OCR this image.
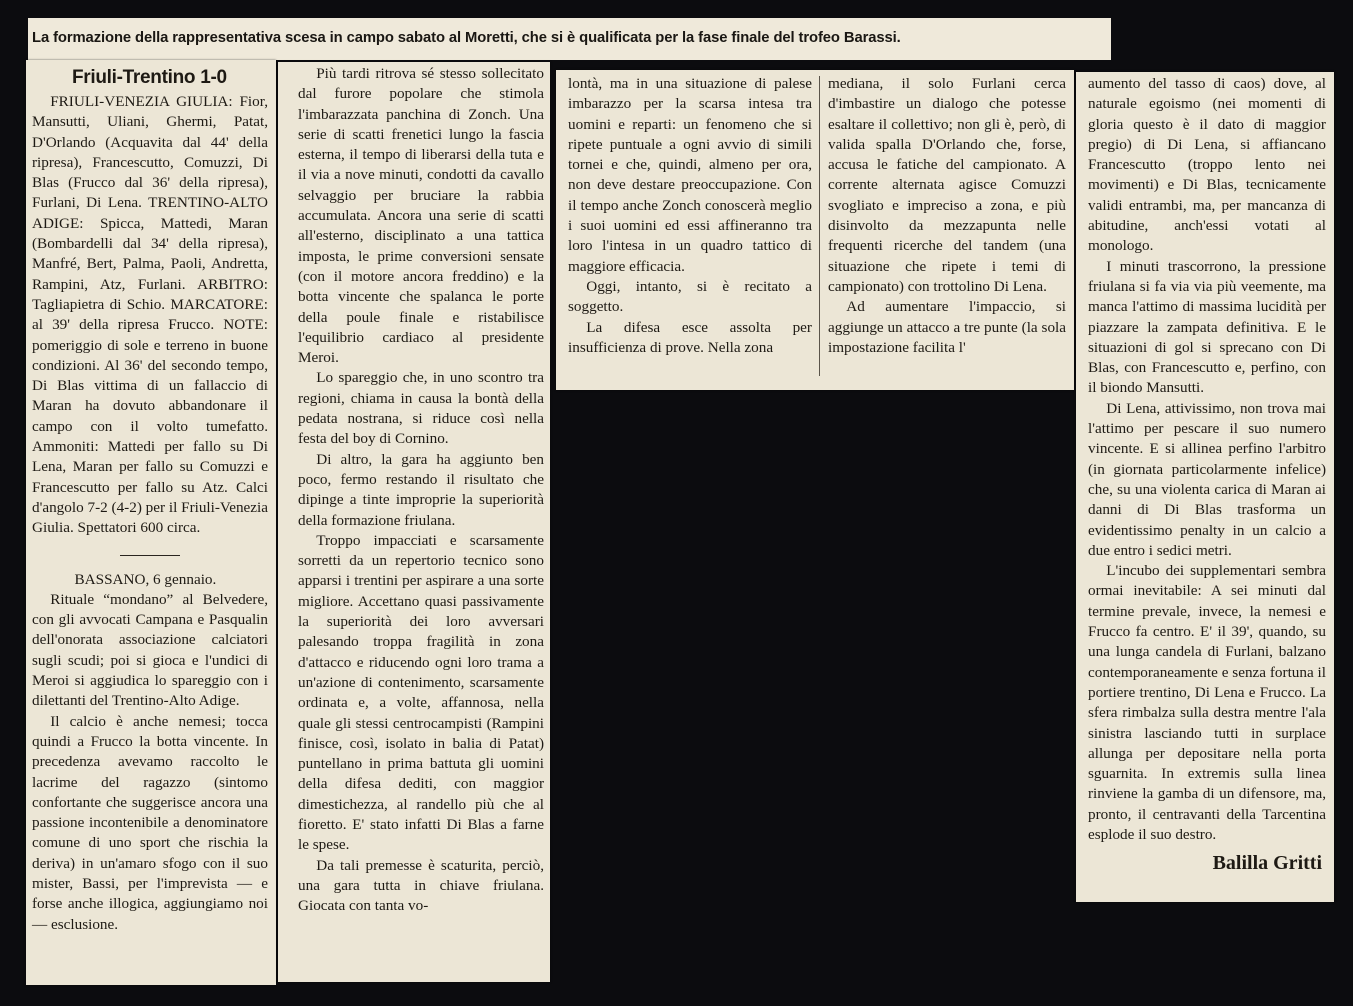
La formazione della rappresentativa scesa in campo sabato al Moretti, che si è qualificata per la fase finale del trofeo Barassi.
Friuli-Trentino 1-0

FRIULI-VENEZIA GIULIA: Fior, Mansutti, Uliani, Ghermi, Patat, D'Orlando (Acquavita dal 44' della ripresa), Francescutto, Comuzzi, Di Blas (Frucco dal 36' della ripresa), Furlani, Di Lena. TRENTINO-ALTO ADIGE: Spicca, Mattedi, Maran (Bombardelli dal 34' della ripresa), Manfré, Bert, Palma, Paoli, Andretta, Rampini, Atz, Furlani. ARBITRO: Tagliapietra di Schio. MARCATORE: al 39' della ripresa Frucco. NOTE: pomeriggio di sole e terreno in buone condizioni. Al 36' del secondo tempo, Di Blas vittima di un fallaccio di Maran ha dovuto abbandonare il campo con il volto tumefatto. Ammoniti: Mattedi per fallo su Di Lena, Maran per fallo su Comuzzi e Francescutto per fallo su Atz. Calci d'angolo 7-2 (4-2) per il Friuli-Venezia Giulia. Spettatori 600 circa.

BASSANO, 6 gennaio.

Rituale “mondano” al Belvedere, con gli avvocati Campana e Pasqualin dell'onorata associazione calciatori sugli scudi; poi si gioca e l'undici di Meroi si aggiudica lo spareggio con i dilettanti del Trentino-Alto Adige.

Il calcio è anche nemesi; tocca quindi a Frucco la botta vincente. In precedenza avevamo raccolto le lacrime del ragazzo (sintomo confortante che suggerisce ancora una passione incontenibile a denominatore comune di uno sport che rischia la deriva) in un'amaro sfogo con il suo mister, Bassi, per l'imprevista — e forse anche illogica, aggiungiamo noi — esclusione.

Più tardi ritrova sé stesso sollecitato dal furore popolare che stimola l'imbarazzata panchina di Zonch. Una serie di scatti frenetici lungo la fascia esterna, il tempo di liberarsi della tuta e il via a nove minuti, condotti da cavallo selvaggio per bruciare la rabbia accumulata. Ancora una serie di scatti all'esterno, disciplinato a una tattica imposta, le prime conversioni sensate (con il motore ancora freddino) e la botta vincente che spalanca le porte della poule finale e ristabilisce l'equilibrio cardiaco al presidente Meroi.

Lo spareggio che, in uno scontro tra regioni, chiama in causa la bontà della pedata nostrana, si riduce così nella festa del boy di Cornino.

Di altro, la gara ha aggiunto ben poco, fermo restando il risultato che dipinge a tinte improprie la superiorità della formazione friulana.

Troppo impacciati e scarsamente sorretti da un repertorio tecnico sono apparsi i trentini per aspirare a una sorte migliore. Accettano quasi passivamente la superiorità dei loro avversari palesando troppa fragilità in zona d'attacco e riducendo ogni loro trama a un'azione di contenimento, scarsamente ordinata e, a volte, affannosa, nella quale gli stessi centrocampisti (Rampini finisce, così, isolato in balia di Patat) puntellano in prima battuta gli uomini della difesa dediti, con maggior dimestichezza, al randello più che al fioretto. E' stato infatti Di Blas a farne le spese.

Da tali premesse è scaturita, perciò, una gara tutta in chiave friulana. Giocata con tanta vo-

lontà, ma in una situazione di palese imbarazzo per la scarsa intesa tra uomini e reparti: un fenomeno che si ripete puntuale a ogni avvio di simili tornei e che, quindi, almeno per ora, non deve destare preoccupazione. Con il tempo anche Zonch conoscerà meglio i suoi uomini ed essi affineranno tra loro l'intesa in un quadro tattico di maggiore efficacia.

Oggi, intanto, si è recitato a soggetto.

La difesa esce assolta per insufficienza di prove. Nella zona

mediana, il solo Furlani cerca d'imbastire un dialogo che potesse esaltare il collettivo; non gli è, però, di valida spalla D'Orlando che, forse, accusa le fatiche del campionato. A corrente alternata agisce Comuzzi svogliato e impreciso a zona, e più disinvolto da mezzapunta nelle frequenti ricerche del tandem (una situazione che ripete i temi di campionato) con trottolino Di Lena.

Ad aumentare l'impaccio, si aggiunge un attacco a tre punte (la sola impostazione facilita l'

aumento del tasso di caos) dove, al naturale egoismo (nei momenti di gloria questo è il dato di maggior pregio) di Di Lena, si affiancano Francescutto (troppo lento nei movimenti) e Di Blas, tecnicamente validi entrambi, ma, per mancanza di abitudine, anch'essi votati al monologo.

I minuti trascorrono, la pressione friulana si fa via via più veemente, ma manca l'attimo di massima lucidità per piazzare la zampata definitiva. E le situazioni di gol si sprecano con Di Blas, con Francescutto e, perfino, con il biondo Mansutti.

Di Lena, attivissimo, non trova mai l'attimo per pescare il suo numero vincente. E si allinea perfino l'arbitro (in giornata particolarmente infelice) che, su una violenta carica di Maran ai danni di Di Blas trasforma un evidentissimo penalty in un calcio a due entro i sedici metri.

L'incubo dei supplementari sembra ormai inevitabile: A sei minuti dal termine prevale, invece, la nemesi e Frucco fa centro. E' il 39', quando, su una lunga candela di Furlani, balzano contemporaneamente e senza fortuna il portiere trentino, Di Lena e Frucco. La sfera rimbalza sulla destra mentre l'ala sinistra lasciando tutti in surplace allunga per depositare nella porta sguarnita. In extremis sulla linea rinviene la gamba di un difensore, ma, pronto, il centravanti della Tarcentina esplode il suo destro.

Balilla Gritti
